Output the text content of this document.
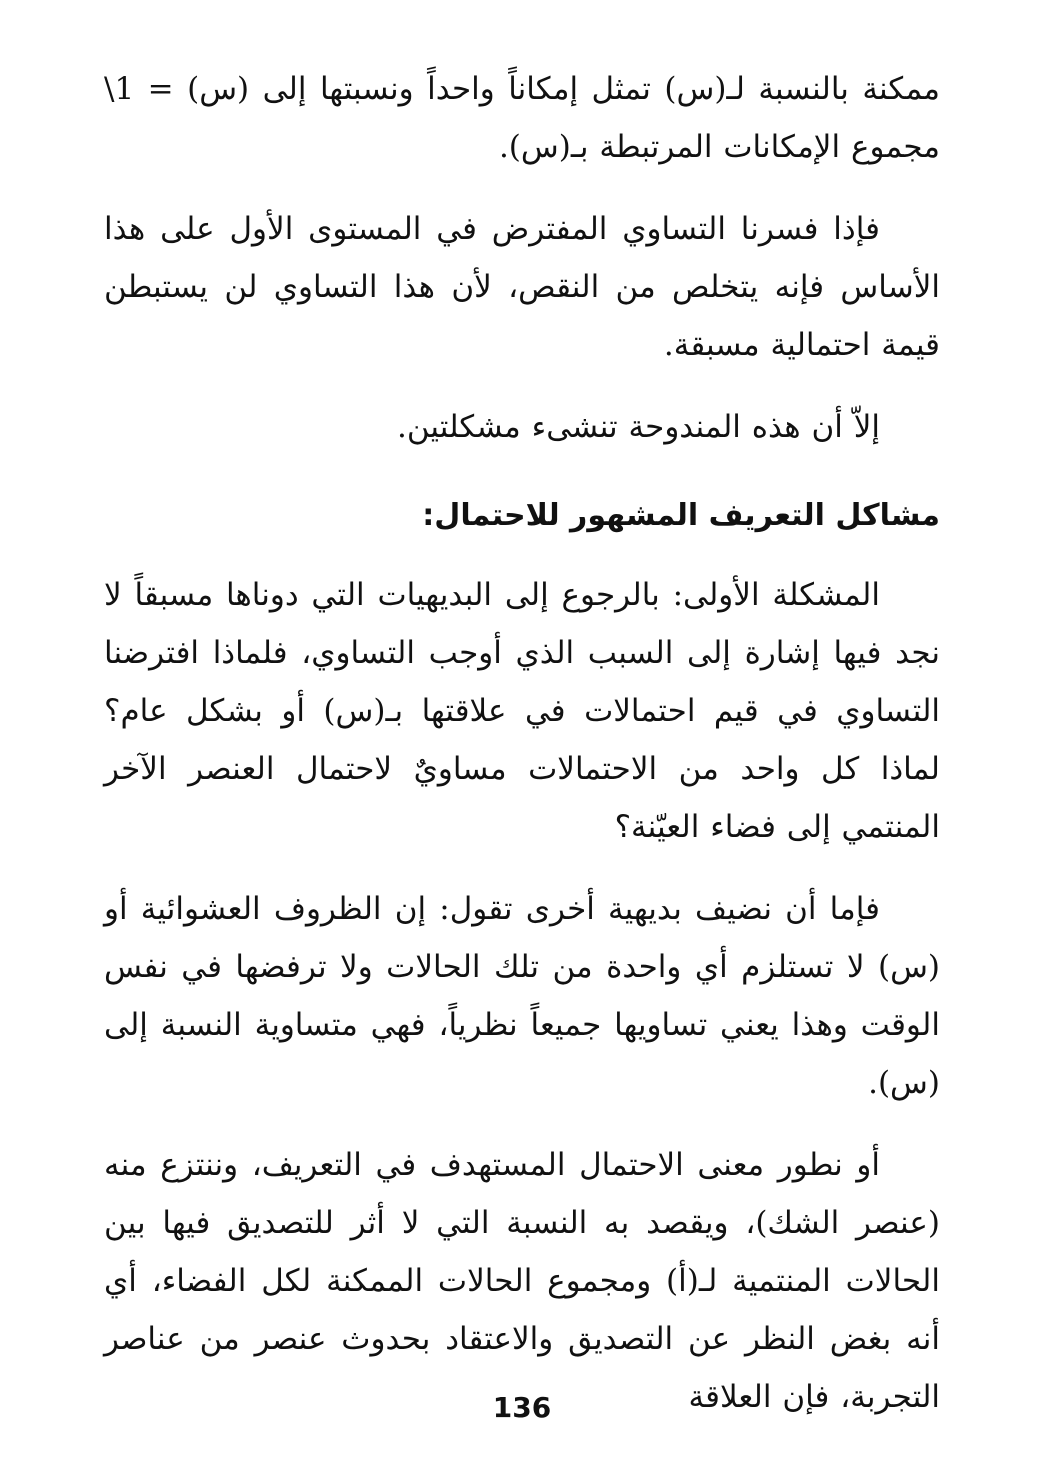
ممكنة بالنسبة لـ(س) تمثل إمكاناً واحداً ونسبتها إلى (س) = 1\ مجموع الإمكانات المرتبطة بـ(س).

فإذا فسرنا التساوي المفترض في المستوى الأول على هذا الأساس فإنه يتخلص من النقص، لأن هذا التساوي لن يستبطن قيمة احتمالية مسبقة.

إلاّ أن هذه المندوحة تنشىء مشكلتين.

مشاكل التعريف المشهور للاحتمال:

المشكلة الأولى: بالرجوع إلى البديهيات التي دوناها مسبقاً لا نجد فيها إشارة إلى السبب الذي أوجب التساوي، فلماذا افترضنا التساوي في قيم احتمالات في علاقتها بـ(س) أو بشكل عام؟ لماذا كل واحد من الاحتمالات مساويٌ لاحتمال العنصر الآخر المنتمي إلى فضاء العيّنة؟

فإما أن نضيف بديهية أخرى تقول: إن الظروف العشوائية أو (س) لا تستلزم أي واحدة من تلك الحالات ولا ترفضها في نفس الوقت وهذا يعني تساويها جميعاً نظرياً، فهي متساوية النسبة إلى (س).

أو نطور معنى الاحتمال المستهدف في التعريف، وننتزع منه (عنصر الشك)، ويقصد به النسبة التي لا أثر للتصديق فيها بين الحالات المنتمية لـ(أ) ومجموع الحالات الممكنة لكل الفضاء، أي أنه بغض النظر عن التصديق والاعتقاد بحدوث عنصر من عناصر التجربة، فإن العلاقة

136
